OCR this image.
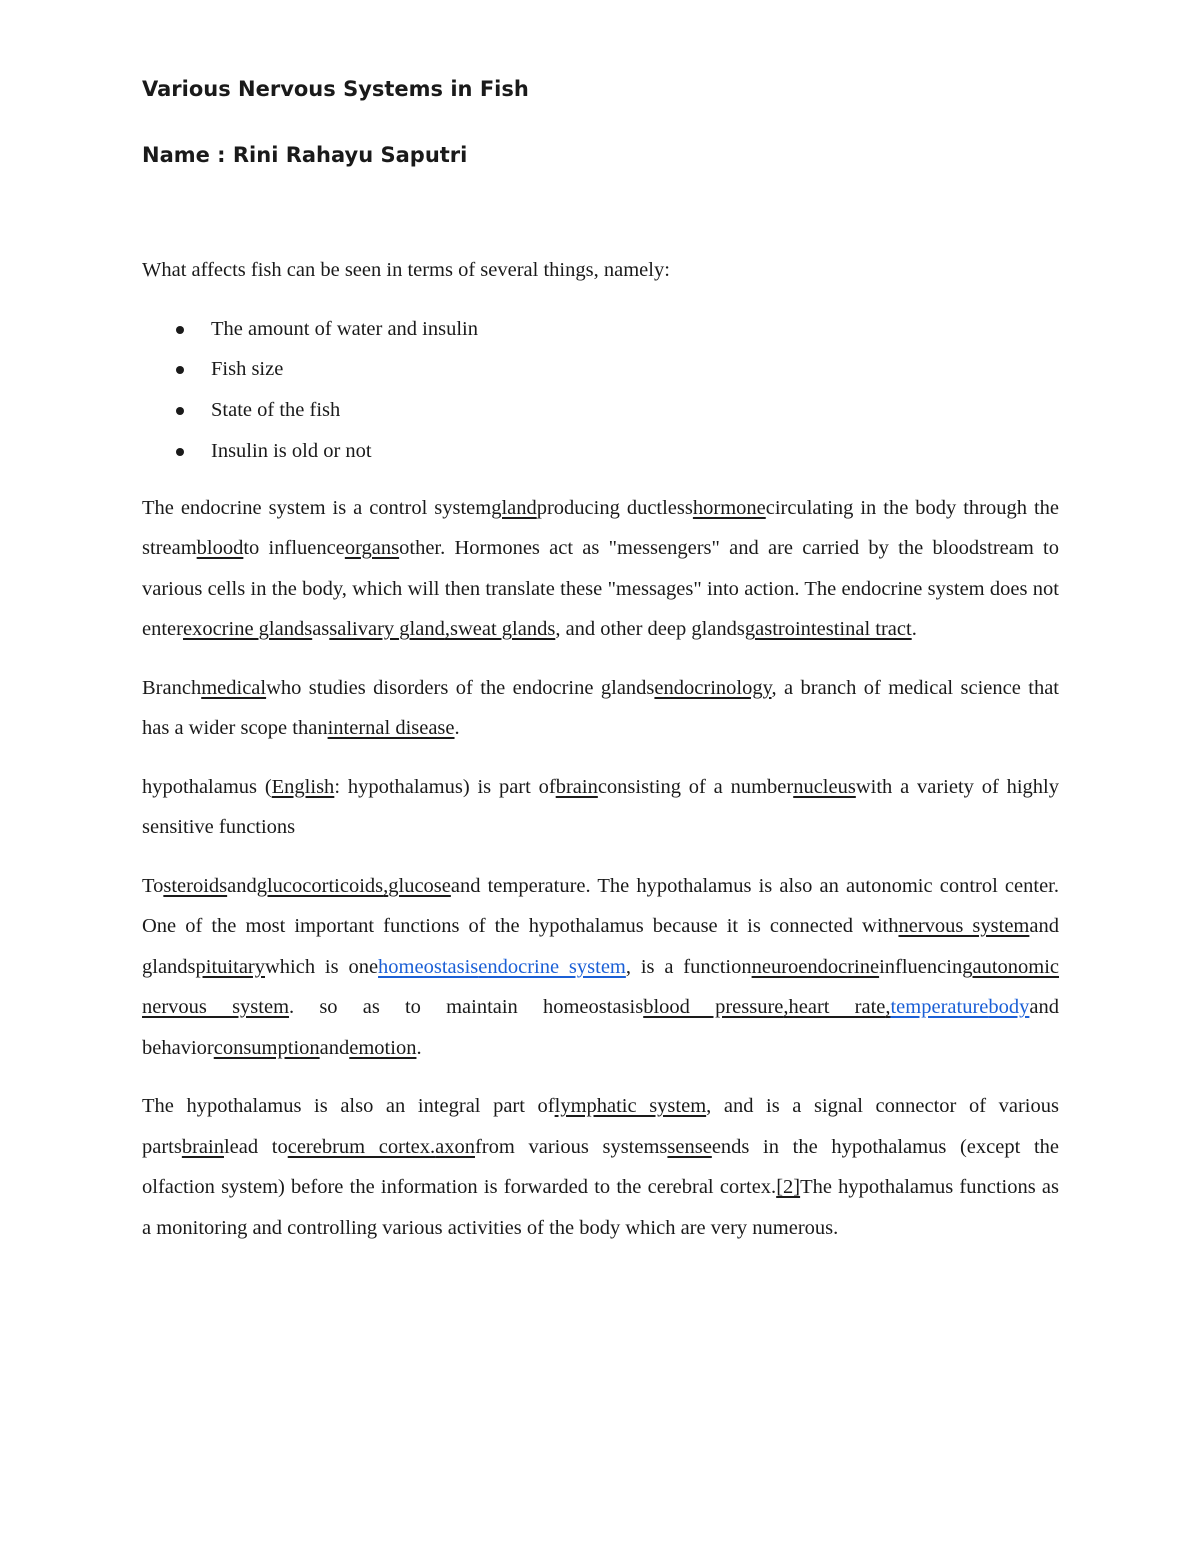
Various Nervous Systems in Fish
Name : Rini Rahayu Saputri

What affects fish can be seen in terms of several things, namely:

The amount of water and insulin
Fish size
State of the fish
Insulin is old or not

The endocrine system is a control systemglandproducing ductlesshormonecirculating in the body through the streambloodto influenceorgansother. Hormones act as "messengers" and are carried by the bloodstream to various cells in the body, which will then translate these "messages" into action. The endocrine system does not enterexocrine glandsassalivary gland,sweat glands, and other deep glandsgastrointestinal tract.

Branchmedicalwho studies disorders of the endocrine glandsendocrinology, a branch of medical science that has a wider scope thaninternal disease.

hypothalamus (English: hypothalamus) is part ofbrainconsisting of a numbernucleuswith a variety of highly sensitive functions

Tosteroidsandglucocorticoids,glucoseand temperature. The hypothalamus is also an autonomic control center. One of the most important functions of the hypothalamus because it is connected withnervous systemand glandspituitarywhich is onehomeostasisendocrine system, is a functionneuroendocrineinfluencingautonomic nervous system. so as to maintain homeostasisblood pressure,heart rate,temperaturebodyand behaviorconsumptionandemotion.

The hypothalamus is also an integral part oflymphatic system, and is a signal connector of various partsbrainlead tocerebrum cortex.axonfrom various systemssenseends in the hypothalamus (except the olfaction system) before the information is forwarded to the cerebral cortex.[2]The hypothalamus functions as a monitoring and controlling various activities of the body which are very numerous.
